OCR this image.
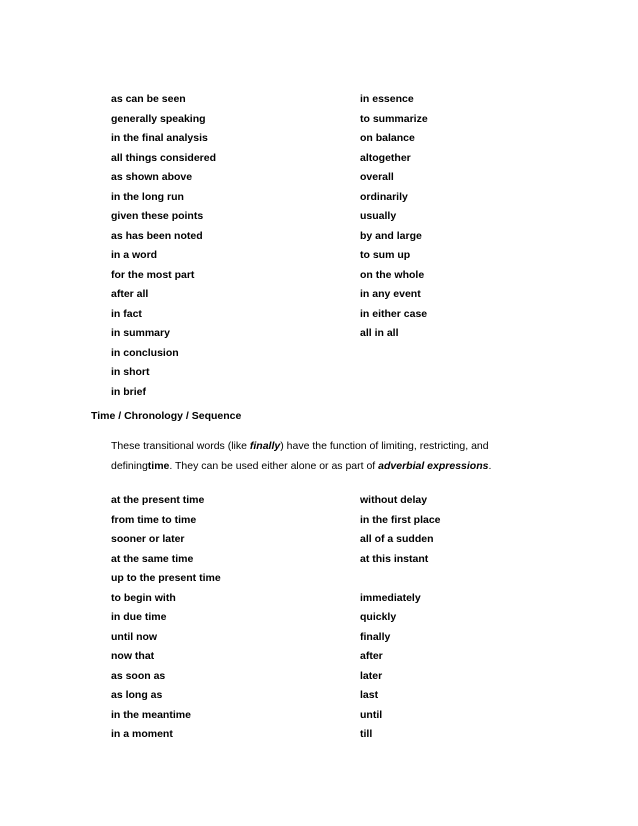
as can be seen

generally speaking

in the final analysis

all things considered

as shown above

in the long run

given these points

as has been noted

in a word

for the most part

after all

in fact

in summary

in conclusion

in short

in brief

in essence

to summarize

on balance

altogether

overall

ordinarily

usually

by and large

to sum up

on the whole

in any event

in either case

all in all

Time / Chronology / Sequence

These transitional words (like finally) have the function of limiting, restricting, and
definingtime. They can be used either alone or as part of adverbial expressions.

at the present time

from time to time

sooner or later

at the same time

up to the present time

to begin with

in due time

until now

now that

as soon as

as long as

in the meantime

in a moment

without delay

in the first place

all of a sudden

at this instant

immediately

quickly

finally

after

later

last

until

till
